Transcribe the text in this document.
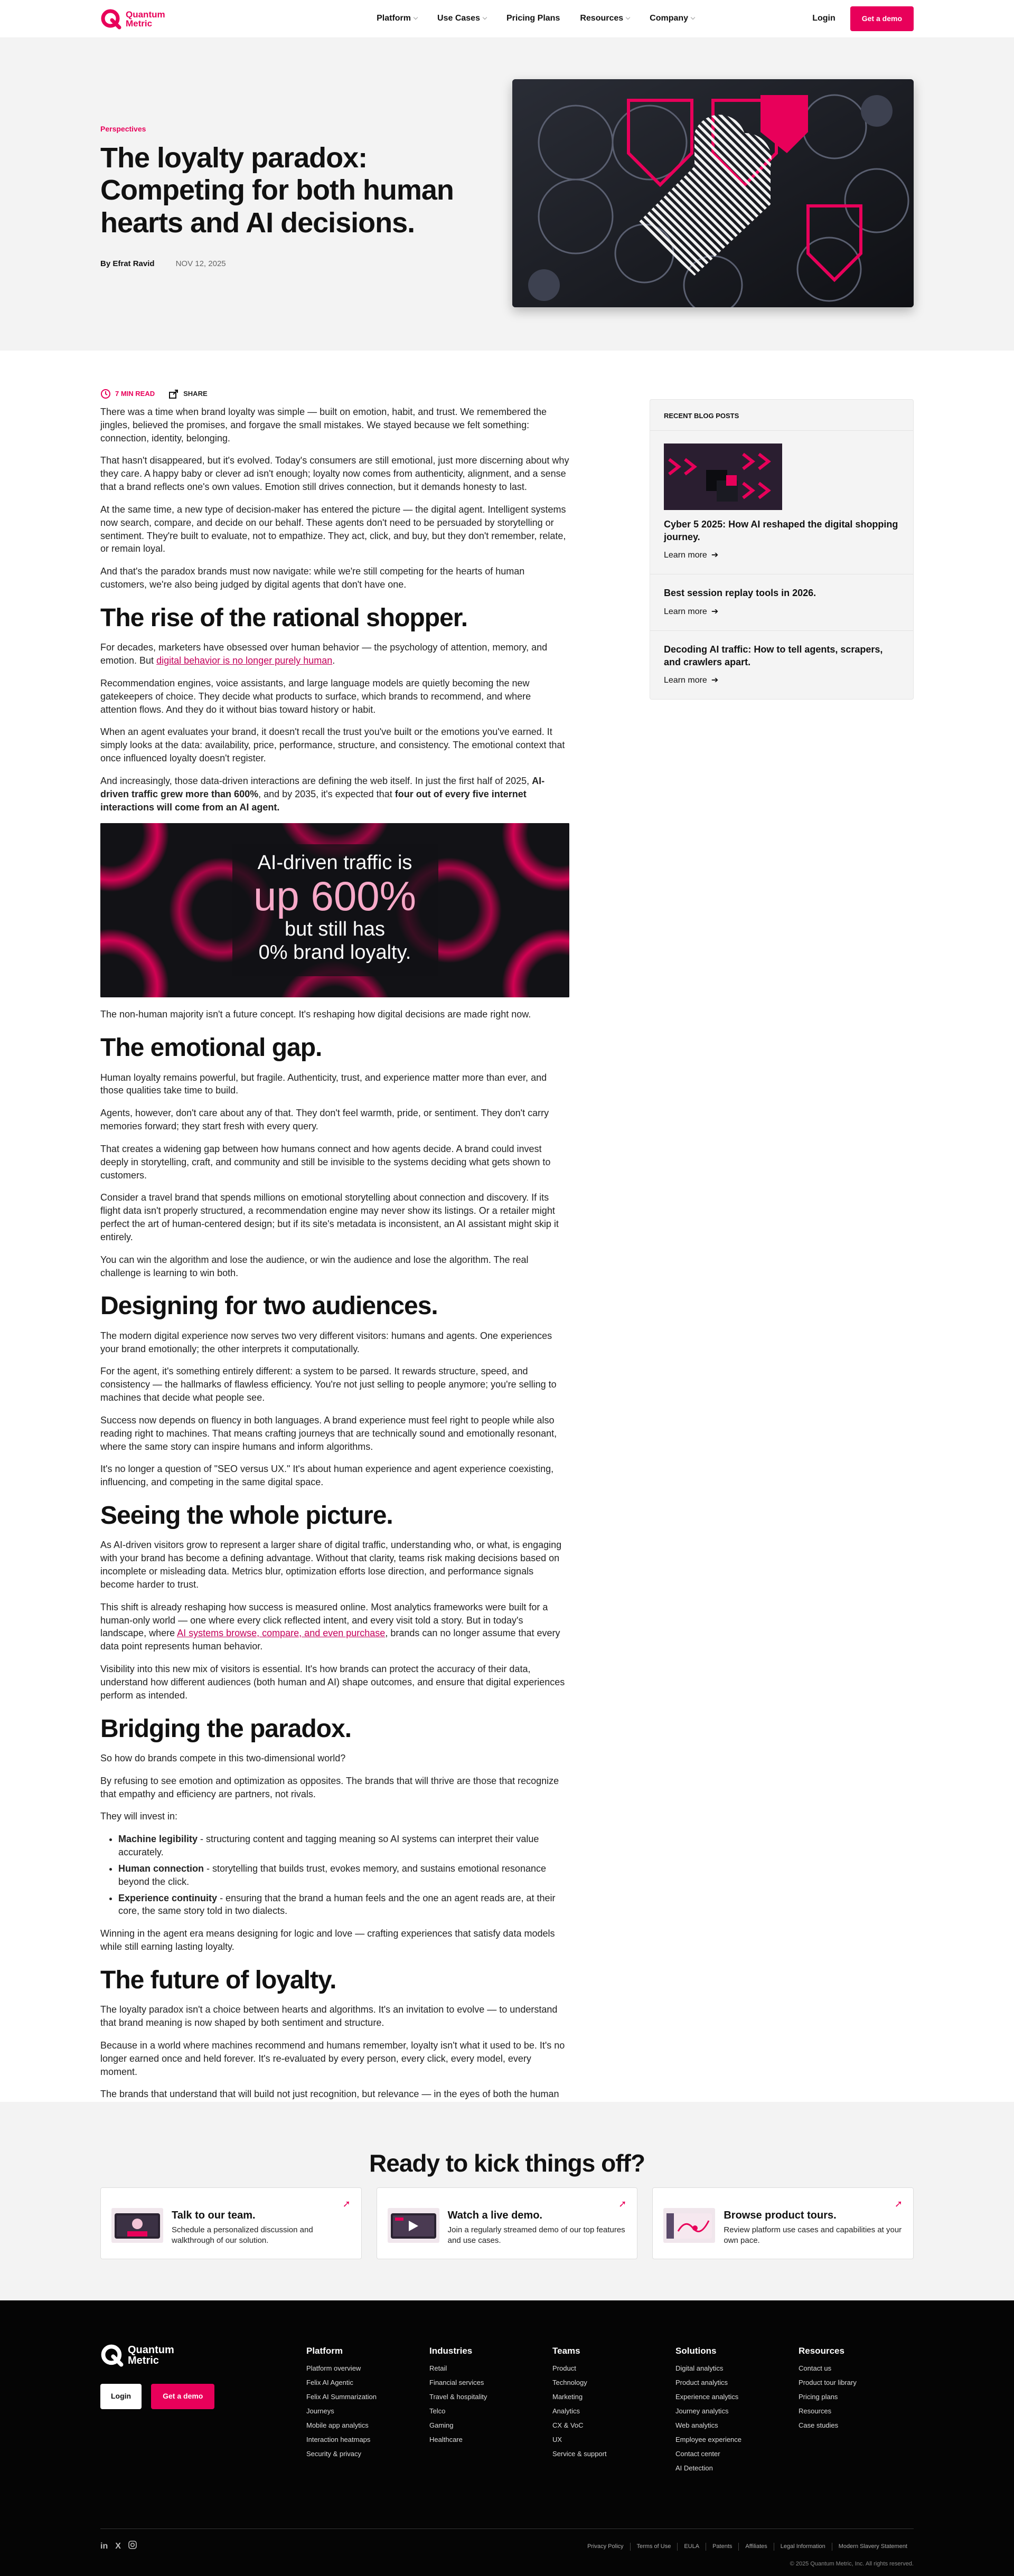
Quantum
Metric	Platform	Use Cases	Pricing Plans Resources	Company	Login	Get a demo
Perspectives
The loyalty paradox: Competing for both human hearts and AI decisions.
By Efrat Ravid	NOV 12, 2025
7 MIN READ	SHARE

There was a time when brand loyalty was simple — built on emotion, habit, and trust. We remembered the jingles, believed the promises, and forgave the small mistakes. We stayed because we felt something: connection, identity, belonging.

That hasn't disappeared, but it's evolved. Today's consumers are still emotional, just more discerning about why they care. A happy baby or clever ad isn't enough; loyalty now comes from authenticity, alignment, and a sense that a brand reflects one's own values. Emotion still drives connection, but it demands honesty to last.

At the same time, a new type of decision-maker has entered the picture — the digital agent. Intelligent systems now search, compare, and decide on our behalf. These agents don't need to be persuaded by storytelling or sentiment. They're built to evaluate, not to empathize. They act, click, and buy, but they don't remember, relate, or remain loyal.

And that's the paradox brands must now navigate: while we're still competing for the hearts of human customers, we're also being judged by digital agents that don't have one.

The rise of the rational shopper.

For decades, marketers have obsessed over human behavior — the psychology of attention, memory, and emotion. But digital behavior is no longer purely human.

Recommendation engines, voice assistants, and large language models are quietly becoming the new gatekeepers of choice. They decide what products to surface, which brands to recommend, and where attention flows. And they do it without bias toward history or habit.

When an agent evaluates your brand, it doesn't recall the trust you've built or the emotions you've earned. It simply looks at the data: availability, price, performance, structure, and consistency. The emotional context that once influenced loyalty doesn't register.

And increasingly, those data-driven interactions are defining the web itself. In just the first half of 2025, AI-driven traffic grew more than 600%, and by 2035, it's expected that four out of every five internet interactions will come from an AI agent.

AI-driven traffic is
up 600%
but still has
0% brand loyalty.

The non-human majority isn't a future concept. It's reshaping how digital decisions are made right now.

The emotional gap.

Human loyalty remains powerful, but fragile. Authenticity, trust, and experience matter more than ever, and those qualities take time to build.

Agents, however, don't care about any of that. They don't feel warmth, pride, or sentiment. They don't carry memories forward; they start fresh with every query.

That creates a widening gap between how humans connect and how agents decide. A brand could invest deeply in storytelling, craft, and community and still be invisible to the systems deciding what gets shown to customers.

Consider a travel brand that spends millions on emotional storytelling about connection and discovery. If its flight data isn't properly structured, a recommendation engine may never show its listings. Or a retailer might perfect the art of human-centered design; but if its site's metadata is inconsistent, an AI assistant might skip it entirely.

You can win the algorithm and lose the audience, or win the audience and lose the algorithm. The real challenge is learning to win both.

Designing for two audiences.

The modern digital experience now serves two very different visitors: humans and agents. One experiences your brand emotionally; the other interprets it computationally.

For the agent, it's something entirely different: a system to be parsed. It rewards structure, speed, and consistency — the hallmarks of flawless efficiency. You're not just selling to people anymore; you're selling to machines that decide what people see.

Success now depends on fluency in both languages. A brand experience must feel right to people while also reading right to machines. That means crafting journeys that are technically sound and emotionally resonant, where the same story can inspire humans and inform algorithms.

It's no longer a question of "SEO versus UX." It's about human experience and agent experience coexisting, influencing, and competing in the same digital space.

Seeing the whole picture.

As AI-driven visitors grow to represent a larger share of digital traffic, understanding who, or what, is engaging with your brand has become a defining advantage. Without that clarity, teams risk making decisions based on incomplete or misleading data. Metrics blur, optimization efforts lose direction, and performance signals become harder to trust.

This shift is already reshaping how success is measured online. Most analytics frameworks were built for a human-only world — one where every click reflected intent, and every visit told a story. But in today's landscape, where AI systems browse, compare, and even purchase, brands can no longer assume that every data point represents human behavior.

Visibility into this new mix of visitors is essential. It's how brands can protect the accuracy of their data, understand how different audiences (both human and AI) shape outcomes, and ensure that digital experiences perform as intended.

Bridging the paradox.

So how do brands compete in this two-dimensional world?

By refusing to see emotion and optimization as opposites. The brands that will thrive are those that recognize that empathy and efficiency are partners, not rivals.

They will invest in:

• Machine legibility - structuring content and tagging meaning so AI systems can interpret their value accurately.
• Human connection - storytelling that builds trust, evokes memory, and sustains emotional resonance beyond the click.
• Experience continuity - ensuring that the brand a human feels and the one an agent reads are, at their core, the same story told in two dialects.

Winning in the agent era means designing for logic and love — crafting experiences that satisfy data models while still earning lasting loyalty.

The future of loyalty.

The loyalty paradox isn't a choice between hearts and algorithms. It's an invitation to evolve — to understand that brand meaning is now shaped by both sentiment and structure.

Because in a world where machines recommend and humans remember, loyalty isn't what it used to be. It's no longer earned once and held forever. It's re-evaluated by every person, every click, every model, every moment.

The brands that understand that will build not just recognition, but relevance — in the eyes of both the human

RECENT BLOG POSTS
Cyber 5 2025: How AI reshaped the digital shopping journey.
Learn more ➔
Best session replay tools in 2026.
Learn more ➔
Decoding AI traffic: How to tell agents, scrapers, and crawlers apart.
Learn more ➔
Ready to kick things off?
Talk to our team.

Schedule a personalized discussion and walkthrough of our solution.

➚
Watch a live demo.

Join a regularly streamed demo of our top features and use cases.

➚
Browse product tours.

Review platform use cases and capabilities at your own pace.

➚
Quantum
Metric
Login	Get a demo
Platform
Platform overview
Felix AI Agentic
Felix AI Summarization
Journeys
Mobile app analytics
Interaction heatmaps
Security & privacy
Industries
Retail
Financial services
Travel & hospitality
Telco
Gaming
Healthcare
Teams
Product
Technology
Marketing
Analytics
CX & VoC
UX
Service & support
Solutions
Digital analytics
Product analytics
Experience analytics
Journey analytics
Web analytics
Employee experience
Contact center
AI Detection
Resources
Contact us
Product tour library
Pricing plans
Resources
Case studies
in X	Privacy Policy	Terms of Use	EULA	Patents	Affiliates	Legal Information	Modern Slavery Statement
© 2025 Quantum Metric, Inc. All rights reserved.
